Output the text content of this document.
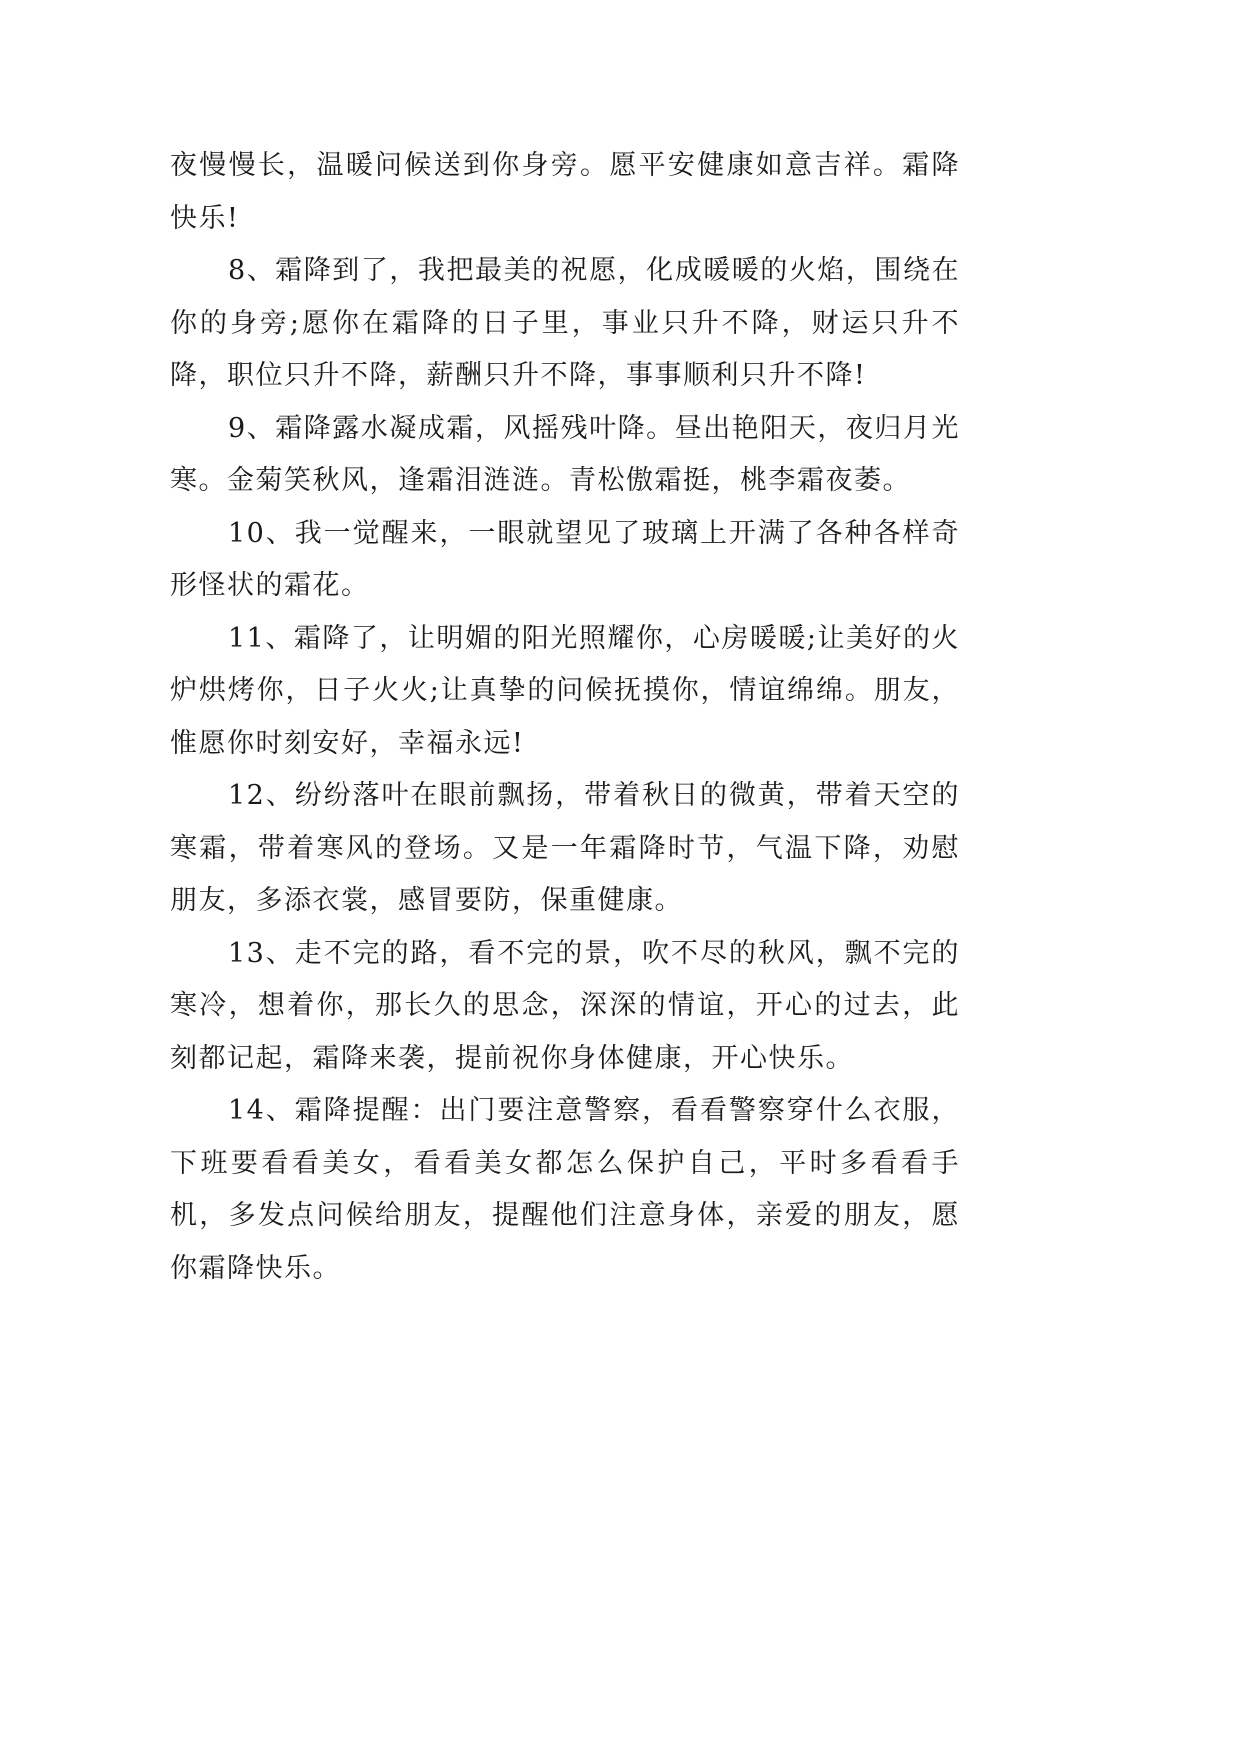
夜慢慢长，温暖问候送到你身旁。愿平安健康如意吉祥。霜降快乐!

8、霜降到了，我把最美的祝愿，化成暖暖的火焰，围绕在你的身旁;愿你在霜降的日子里，事业只升不降，财运只升不降，职位只升不降，薪酬只升不降，事事顺利只升不降!

9、霜降露水凝成霜，风摇残叶降。昼出艳阳天，夜归月光寒。金菊笑秋风，逢霜泪涟涟。青松傲霜挺，桃李霜夜萎。

10、我一觉醒来，一眼就望见了玻璃上开满了各种各样奇形怪状的霜花。

11、霜降了，让明媚的阳光照耀你，心房暖暖;让美好的火炉烘烤你，日子火火;让真挚的问候抚摸你，情谊绵绵。朋友，惟愿你时刻安好，幸福永远!

12、纷纷落叶在眼前飘扬，带着秋日的微黄，带着天空的寒霜，带着寒风的登场。又是一年霜降时节，气温下降，劝慰朋友，多添衣裳，感冒要防，保重健康。

13、走不完的路，看不完的景，吹不尽的秋风，飘不完的寒冷，想着你，那长久的思念，深深的情谊，开心的过去，此刻都记起，霜降来袭，提前祝你身体健康，开心快乐。

14、霜降提醒：出门要注意警察，看看警察穿什么衣服，下班要看看美女，看看美女都怎么保护自己，平时多看看手机，多发点问候给朋友，提醒他们注意身体，亲爱的朋友，愿你霜降快乐。
